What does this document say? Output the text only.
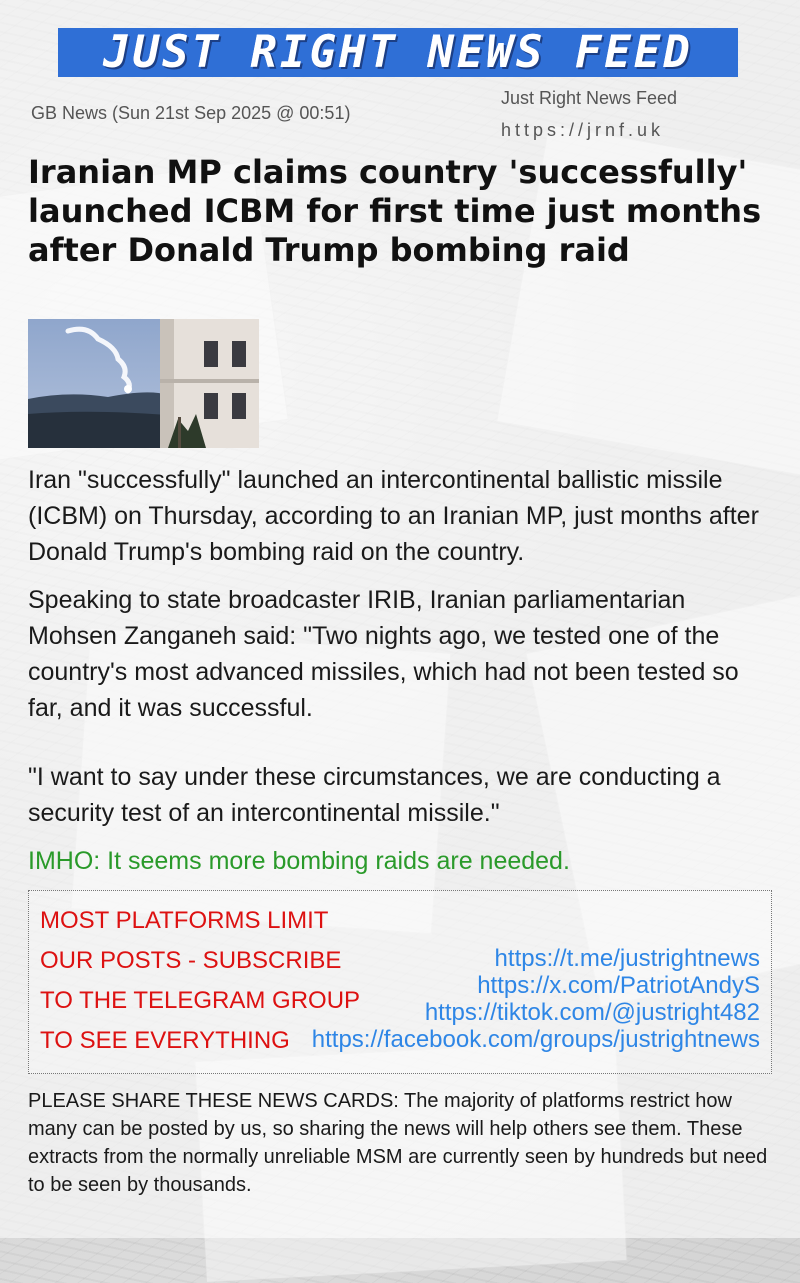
JUST RIGHT NEWS FEED
GB News (Sun 21st Sep 2025 @ 00:51)
Just Right News Feed
https://jrnf.uk
Iranian MP claims country 'successfully' launched ICBM for first time just months after Donald Trump bombing raid

Iran "successfully" launched an intercontinental ballistic missile (ICBM) on Thursday, according to an Iranian MP, just months after Donald Trump's bombing raid on the country.

Speaking to state broadcaster IRIB, Iranian parliamentarian Mohsen Zanganeh said: "Two nights ago, we tested one of the country's most advanced missiles, which had not been tested so far, and it was successful.

"I want to say under these circumstances, we are conducting a security test of an intercontinental missile."

IMHO: It seems more bombing raids are needed.

MOST PLATFORMS LIMIT
OUR POSTS - SUBSCRIBE
TO THE TELEGRAM GROUP
TO SEE EVERYTHING
https://t.me/justrightnews
https://x.com/PatriotAndyS
https://tiktok.com/@justright482
https://facebook.com/groups/justrightnews

PLEASE SHARE THESE NEWS CARDS: The majority of platforms restrict how many can be posted by us, so sharing the news will help others see them. These extracts from the normally unreliable MSM are currently seen by hundreds but need to be seen by thousands.
